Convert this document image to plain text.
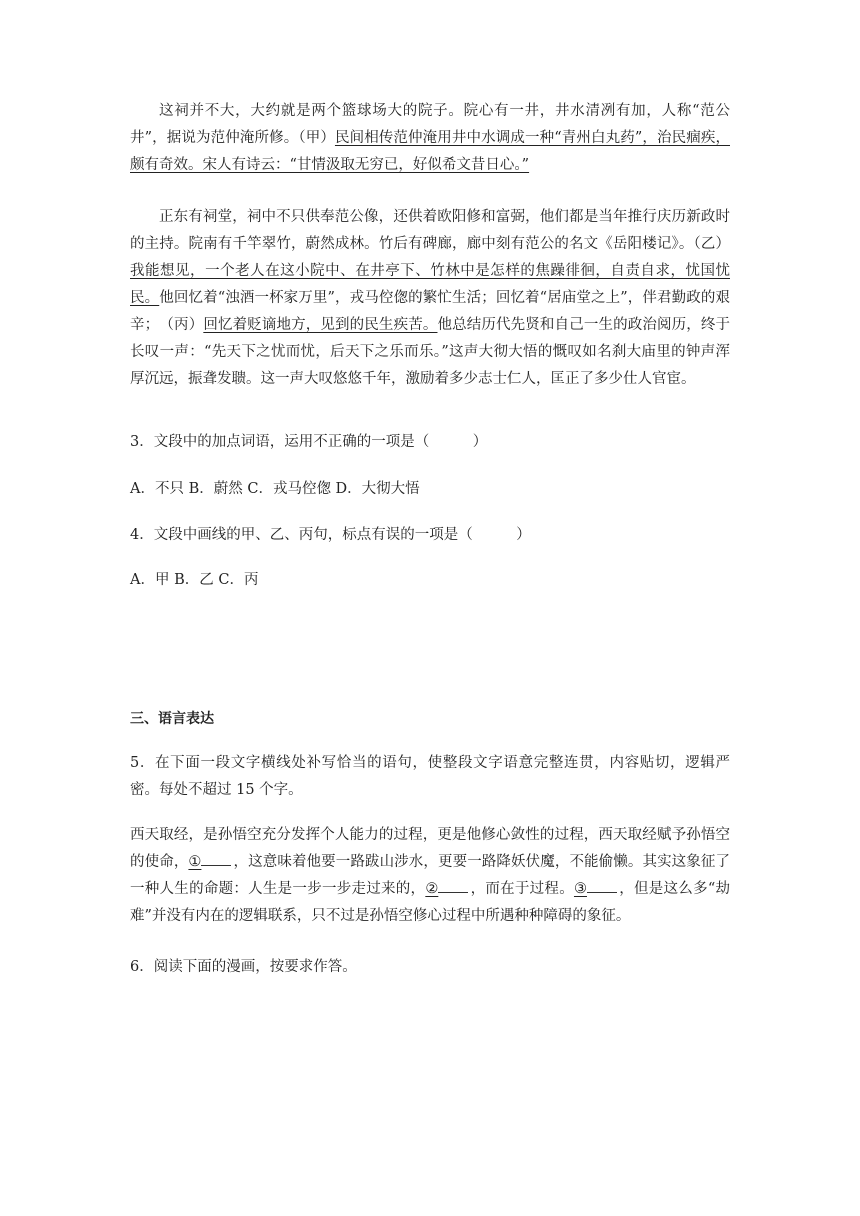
这祠并不大，大约就是两个篮球场大的院子。院心有一井，井水清冽有加，人称“范公井”，据说为范仲淹所修。（甲）民间相传范仲淹用井中水调成一种“青州白丸药”，治民痼疾，颇有奇效。宋人有诗云：“甘情汲取无穷已，好似希文昔日心。”

正东有祠堂，祠中不只供奉范公像，还供着欧阳修和富弼，他们都是当年推行庆历新政时的主持。院南有千竿翠竹，蔚然成林。竹后有碑廊，廊中刻有范公的名文《岳阳楼记》。（乙）我能想见，一个老人在这小院中、在井亭下、竹林中是怎样的焦躁徘徊，自责自求，忧国忧民。他回忆着“浊酒一杯家万里”，戎马倥偬的繁忙生活；回忆着“居庙堂之上”，伴君勤政的艰辛；　 （丙）回忆着贬谪地方，见到的民生疾苦。他总结历代先贤和自己一生的政治阅历，终于长叹一声：“先天下之忧而忧，后天下之乐而乐。”这声大彻大悟的慨叹如名刹大庙里的钟声浑厚沉远，振聋发聩。这一声大叹悠悠千年，激励着多少志士仁人，匡正了多少仕人官宦。

3．文段中的加点词语，运用不正确的一项是（　　　）
A．不只 B．蔚然 C．戎马倥偬 D．大彻大悟
4．文段中画线的甲、乙、丙句，标点有误的一项是（　　　）
A．甲 B．乙 C．丙
三、语言表达

5．在下面一段文字横线处补写恰当的语句，使整段文字语意完整连贯，内容贴切，逻辑严密。每处不超过 15 个字。

西天取经，是孙悟空充分发挥个人能力的过程，更是他修心敛性的过程，西天取经赋予孙悟空的使命，① ，这意味着他要一路跋山涉水，更要一路降妖伏魔，不能偷懒。其实这象征了一种人生的命题：人生是一步一步走过来的，② ，而在于过程。③ ，但是这么多“劫难”并没有内在的逻辑联系，只不过是孙悟空修心过程中所遇种种障碍的象征。

6．阅读下面的漫画，按要求作答。
